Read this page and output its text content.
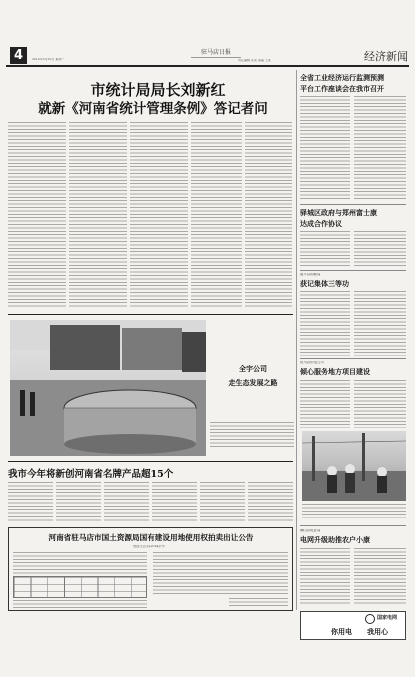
4	2014年3月20日 星期一
驻马店日报
责任编辑 张某 美编 王某	经济新闻
市统计局局长刘新红
就新《河南省统计管理条例》答记者问
全省工业经济运行监测预测
平台工作座谈会在我市召开
驿城区政府与郑州富士康
达成合作协议
遂平县国税局
获记集体三等功
驻马店供电公司
倾心服务地方项目建设
确山县电业局
电网升级助推农户小康
全宇公司
走生态发展之路
我市今年将新创河南省名牌产品超15个
河南省驻马店市国土资源局国有建设用地使用权拍卖出让公告
驻国土告字[2014]7号
国家电网
你用电	我用心
